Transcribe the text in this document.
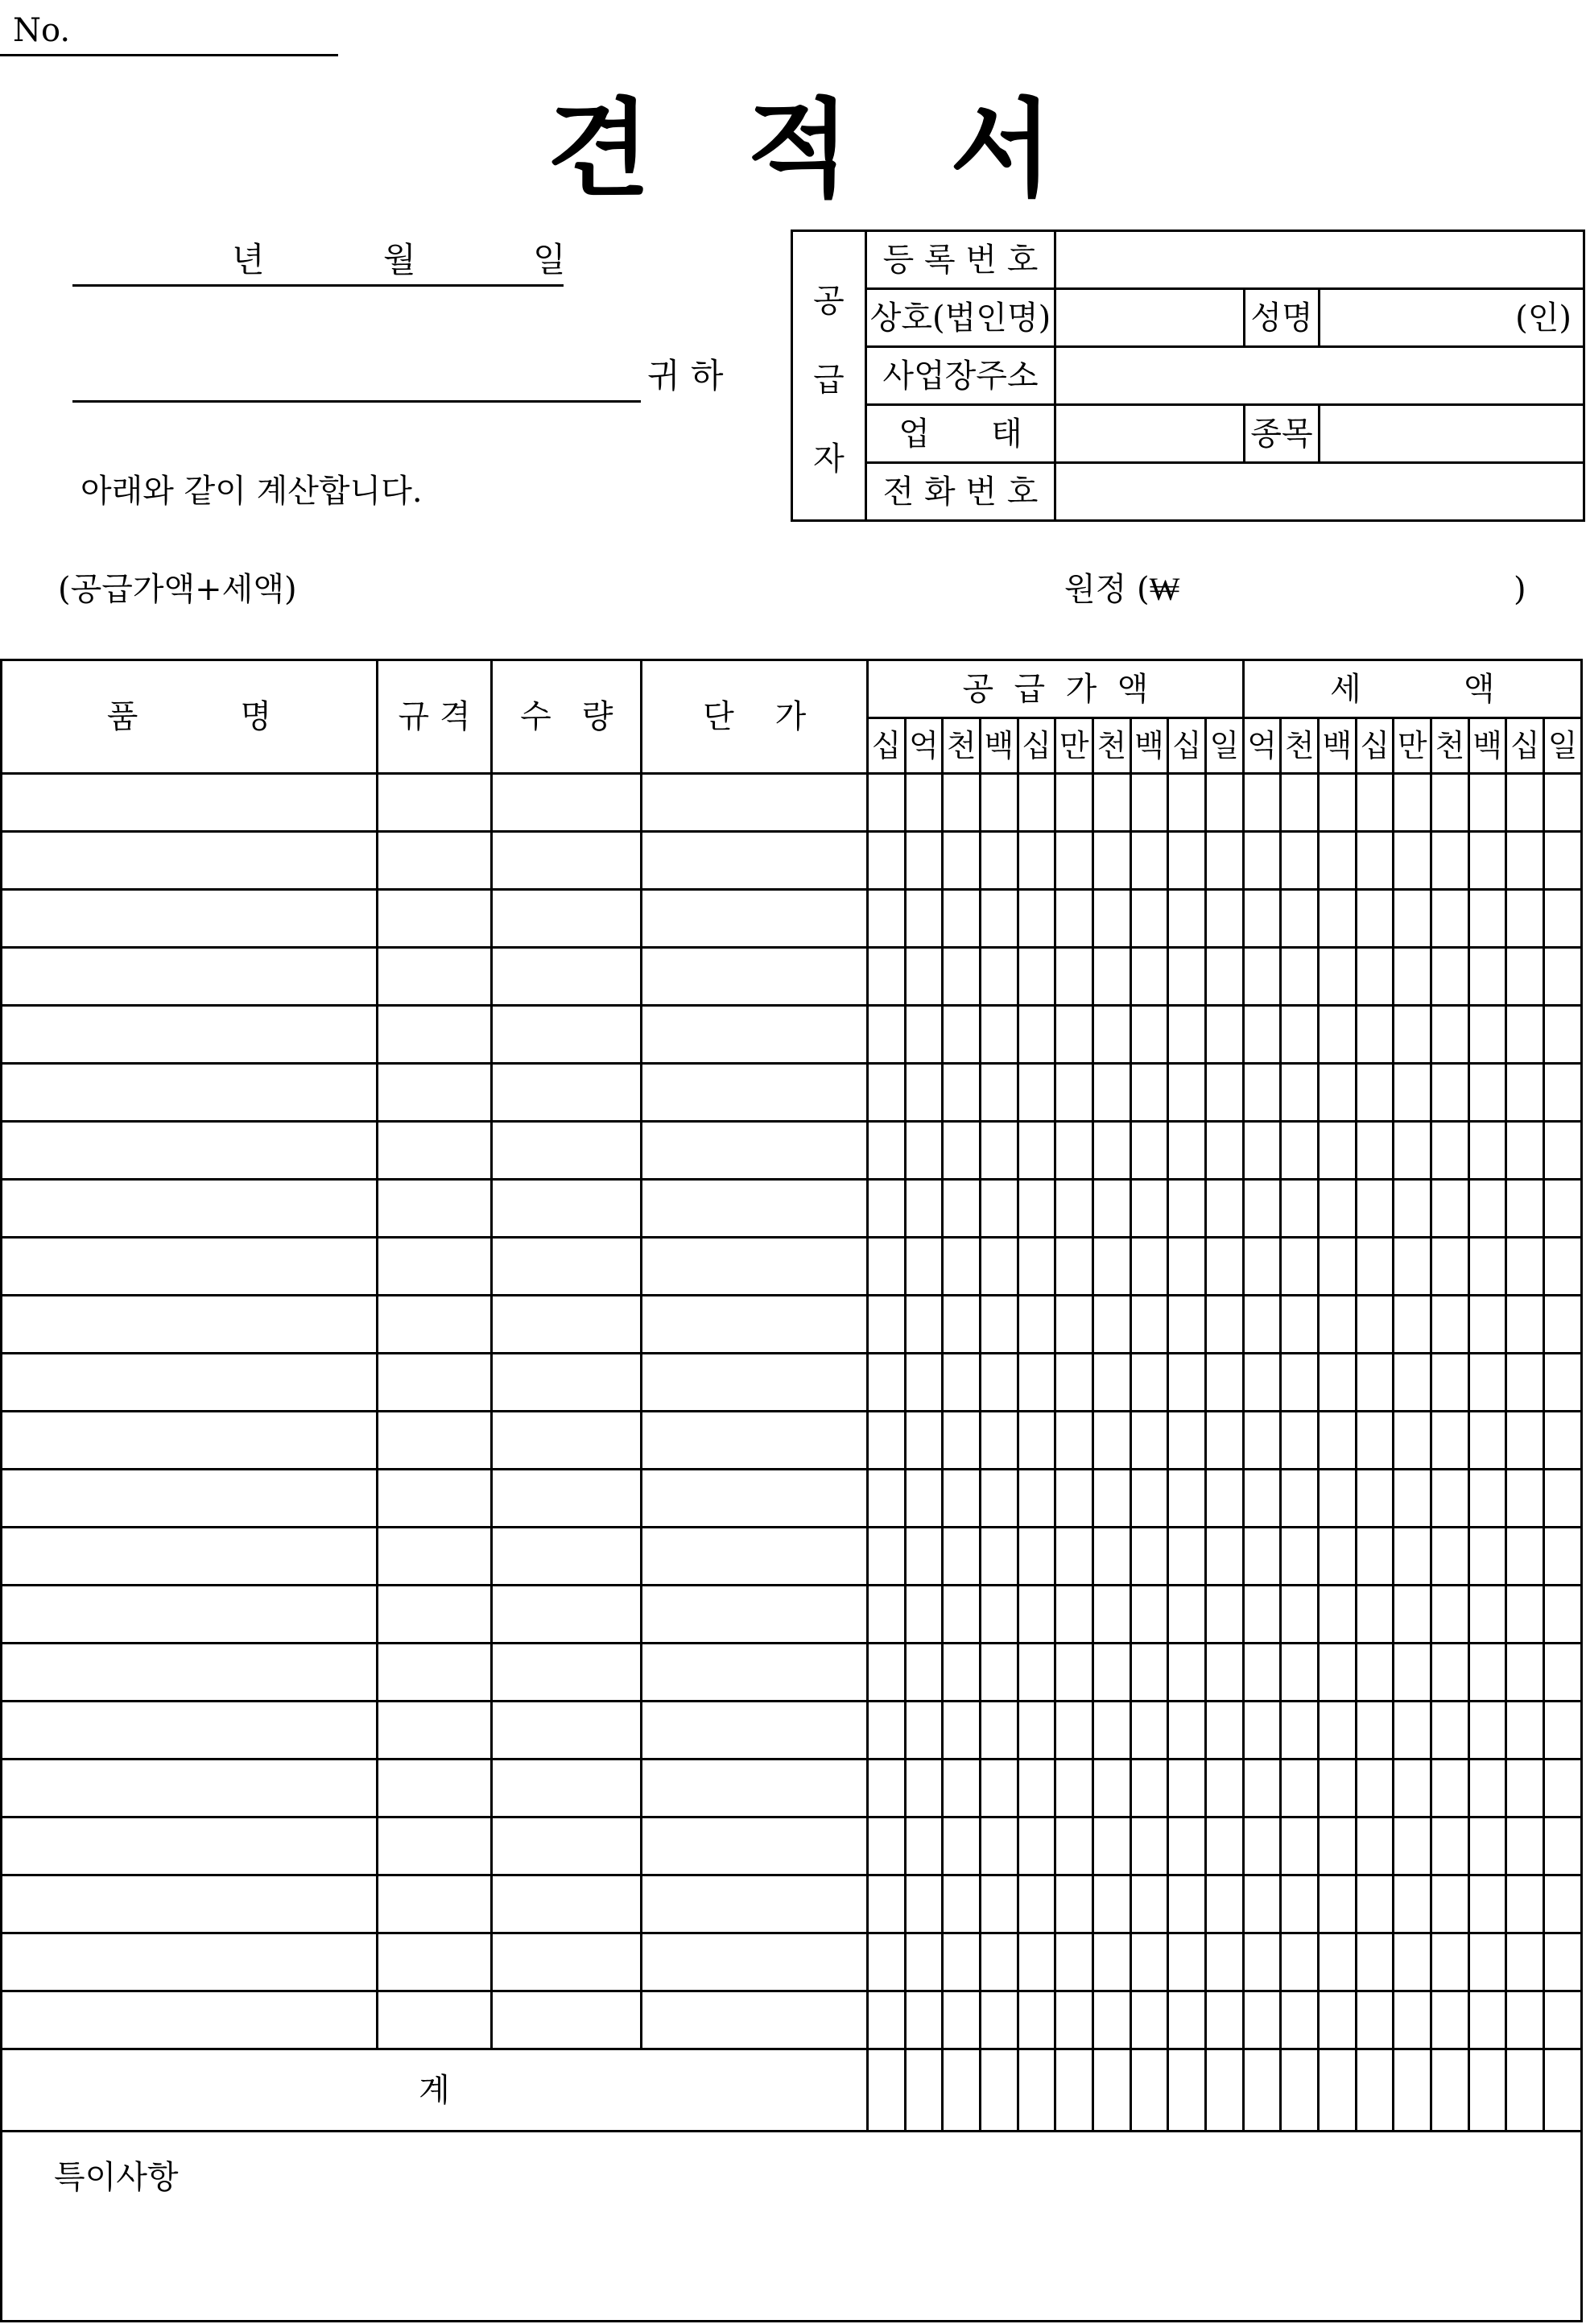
No.
견 적 서
년	월	일
귀 하
아래와 같이 계산합니다.
공
급
자	등 록 번 호			
	상호(법인명)		성명	(인)
	사업장주소			
	업      태		종목	
	전 화 번 호			
(공급가액+세액)	원정 (₩	)
품          명	규 격	수   량	단    가	공  급  가  액										세          액								
				십	억	천	백	십	만	천	백	십	일	억	천	백	십	만	천	백	십	일

계																						

특이사항																						
